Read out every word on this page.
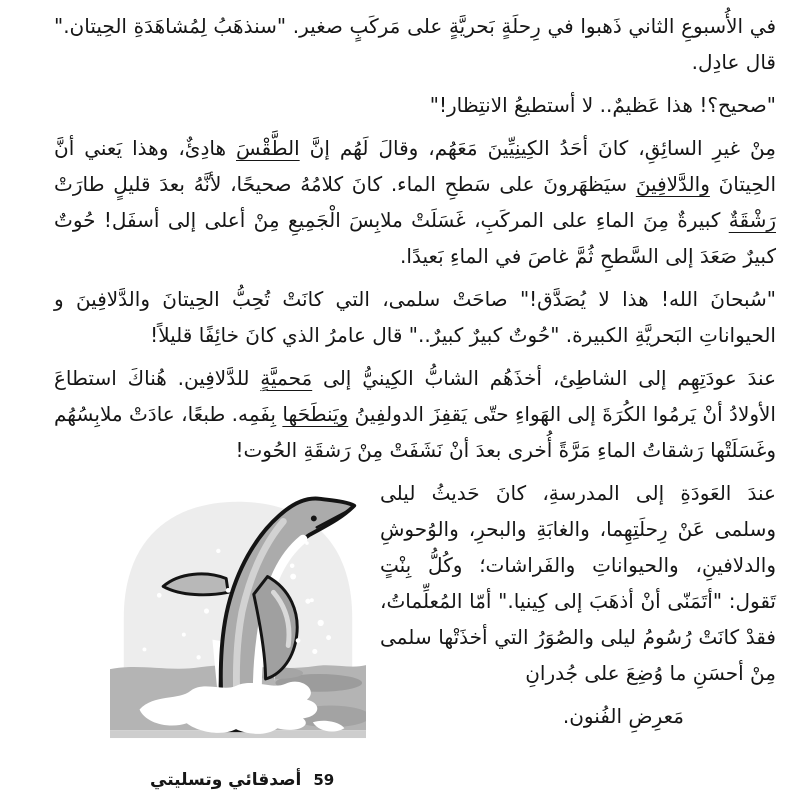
في الأُسبوعِ الثاني ذَهبوا في رِحلَةٍ بَحريَّةٍ على مَركَبٍ صغير. "سنذهَبُ لِمُشاهَدَةِ الحِيتان." قال عادِل.

"صحيح؟! هذا عَظيمٌ.. لا أستطيعُ الانتِظار!"

مِنْ غيرِ السائِقِ، كانَ أحَدُ الكِينِيِّينَ مَعَهُم، وقالَ لَهُم إنَّ الطَّقْسَ هادِئٌ، وهذا يَعني أنَّ الحِيتانَ والدَّلافِينَ سيَظهَرونَ على سَطحِ الماء. كانَ كلامُهُ صحيحًا، لأنَّهُ بعدَ قليلٍ طارَتْ رَشْقَةٌ كبيرةٌ مِنَ الماءِ على المركَبِ، غَسَلَتْ ملابِسَ الْجَمِيعِ مِنْ أعلى إلى أسفَل! حُوتٌ كبيرٌ صَعَدَ إلى السَّطحِ ثُمَّ غاصَ في الماءِ بَعيدًا.

"سُبحانَ الله! هذا لا يُصَدَّق!" صاحَتْ سلمى، التي كانَتْ تُحِبُّ الحِيتانَ والدَّلافِينَ و الحيواناتِ البَحريَّةِ الكبيرة. "حُوتٌ كبيرٌ كبيرٌ.." قال عامرُ الذي كانَ خائِفًا قليلاً!

عندَ عودَتِهِم إلى الشاطِئ، أخذَهُم الشابُّ الكِينيُّ إلى مَحميَّةٍ للدَّلافِين. هُناكَ استطاعَ الأولادُ أنْ يَرمُوا الكُرَةَ إلى الهَواءِ حتّى يَقفِزَ الدولفِينُ ويَنطَحَها بِفَمِه. طبعًا، عادَتْ ملابِسُهُم وغَسَلَتْها رَشقاتُ الماءِ مَرَّةً أُخرى بعدَ أنْ نَشَفَتْ مِنْ رَشقَةِ الحُوت!

عندَ العَودَةِ إلى المدرسةِ، كانَ حَديثُ ليلى وسلمى عَنْ رِحلَتِهِما، والغابَةِ والبحرِ، والوُحوشِ والدلافينِ، والحيواناتِ والفَراشات؛ وكُلُّ بِنْتٍ تَقول: "أتَمَنّى أنْ أذهَبَ إلى كِينيا." أمّا المُعلِّماتُ، فقدْ كانَتْ رُسُومُ ليلى والصُوَرُ التي أخذَتْها سلمى مِنْ أحسَنِ ما وُضِعَ على جُدرانِ

مَعرِضِ الفُنون.

أصدقائي وتسليتي 59
